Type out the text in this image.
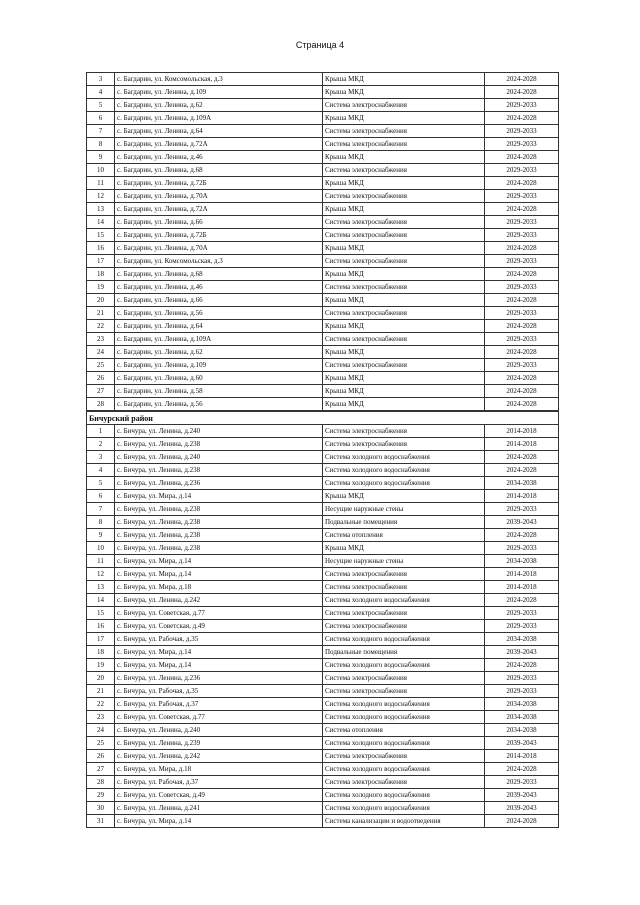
Страница 4
3	с. Багдарин, ул. Комсомольская, д.3	Крыша МКД	2024-2028
4	с. Багдарин, ул. Ленина, д.109	Крыша МКД	2024-2028
5	с. Багдарин, ул. Ленина, д.62	Система электроснабжения	2029-2033
6	с. Багдарин, ул. Ленина, д.109А	Крыша МКД	2024-2028
7	с. Багдарин, ул. Ленина, д.64	Система электроснабжения	2029-2033
8	с. Багдарин, ул. Ленина, д.72А	Система электроснабжения	2029-2033
9	с. Багдарин, ул. Ленина, д.46	Крыша МКД	2024-2028
10	с. Багдарин, ул. Ленина, д.68	Система электроснабжения	2029-2033
11	с. Багдарин, ул. Ленина, д.72Б	Крыша МКД	2024-2028
12	с. Багдарин, ул. Ленина, д.70А	Система электроснабжения	2029-2033
13	с. Багдарин, ул. Ленина, д.72А	Крыша МКД	2024-2028
14	с. Багдарин, ул. Ленина, д.66	Система электроснабжения	2029-2033
15	с. Багдарин, ул. Ленина, д.72Б	Система электроснабжения	2029-2033
16	с. Багдарин, ул. Ленина, д.70А	Крыша МКД	2024-2028
17	с. Багдарин, ул. Комсомольская, д.3	Система электроснабжения	2029-2033
18	с. Багдарин, ул. Ленина, д.68	Крыша МКД	2024-2028
19	с. Багдарин, ул. Ленина, д.46	Система электроснабжения	2029-2033
20	с. Багдарин, ул. Ленина, д.66	Крыша МКД	2024-2028
21	с. Багдарин, ул. Ленина, д.56	Система электроснабжения	2029-2033
22	с. Багдарин, ул. Ленина, д.64	Крыша МКД	2024-2028
23	с. Багдарин, ул. Ленина, д.109А	Система электроснабжения	2029-2033
24	с. Багдарин, ул. Ленина, д.62	Крыша МКД	2024-2028
25	с. Багдарин, ул. Ленина, д.109	Система электроснабжения	2029-2033
26	с. Багдарин, ул. Ленина, д.60	Крыша МКД	2024-2028
27	с. Багдарин, ул. Ленина, д.58	Крыша МКД	2024-2028
28	с. Багдарин, ул. Ленина, д.56	Крыша МКД	2024-2028
Бичурский район			
1	с. Бичура, ул. Ленина, д.240	Система электроснабжения	2014-2018
2	с. Бичура, ул. Ленина, д.238	Система электроснабжения	2014-2018
3	с. Бичура, ул. Ленина, д.240	Система холодного водоснабжения	2024-2028
4	с. Бичура, ул. Ленина, д.238	Система холодного водоснабжения	2024-2028
5	с. Бичура, ул. Ленина, д.236	Система холодного водоснабжения	2034-2038
6	с. Бичура, ул. Мира, д.14	Крыша МКД	2014-2018
7	с. Бичура, ул. Ленина, д.238	Несущие наружные стены	2029-2033
8	с. Бичура, ул. Ленина, д.238	Подвальные помещения	2039-2043
9	с. Бичура, ул. Ленина, д.238	Система отопления	2024-2028
10	с. Бичура, ул. Ленина, д.238	Крыша МКД	2029-2033
11	с. Бичура, ул. Мира, д.14	Несущие наружные стены	2034-2038
12	с. Бичура, ул. Мира, д.14	Система электроснабжения	2014-2018
13	с. Бичура, ул. Мира, д.18	Система электроснабжения	2014-2018
14	с. Бичура, ул. Ленина, д.242	Система холодного водоснабжения	2024-2028
15	с. Бичура, ул. Советская, д.77	Система электроснабжения	2029-2033
16	с. Бичура, ул. Советская, д.49	Система электроснабжения	2029-2033
17	с. Бичура, ул. Рабочая, д.35	Система холодного водоснабжения	2034-2038
18	с. Бичура, ул. Мира, д.14	Подвальные помещения	2039-2043
19	с. Бичура, ул. Мира, д.14	Система холодного водоснабжения	2024-2028
20	с. Бичура, ул. Ленина, д.236	Система электроснабжения	2029-2033
21	с. Бичура, ул. Рабочая, д.35	Система электроснабжения	2029-2033
22	с. Бичура, ул. Рабочая, д.37	Система холодного водоснабжения	2034-2038
23	с. Бичура, ул. Советская, д.77	Система холодного водоснабжения	2034-2038
24	с. Бичура, ул. Ленина, д.240	Система отопления	2034-2038
25	с. Бичура, ул. Ленина, д.239	Система холодного водоснабжения	2039-2043
26	с. Бичура, ул. Ленина, д.242	Система электроснабжения	2014-2018
27	с. Бичура, ул. Мира, д.18	Система холодного водоснабжения	2024-2028
28	с. Бичура, ул. Рабочая, д.37	Система электроснабжения	2029-2033
29	с. Бичура, ул. Советская, д.49	Система холодного водоснабжения	2039-2043
30	с. Бичура, ул. Ленина, д.241	Система холодного водоснабжения	2039-2043
31	с. Бичура, ул. Мира, д.14	Система канализации и водоотведения	2024-2028
